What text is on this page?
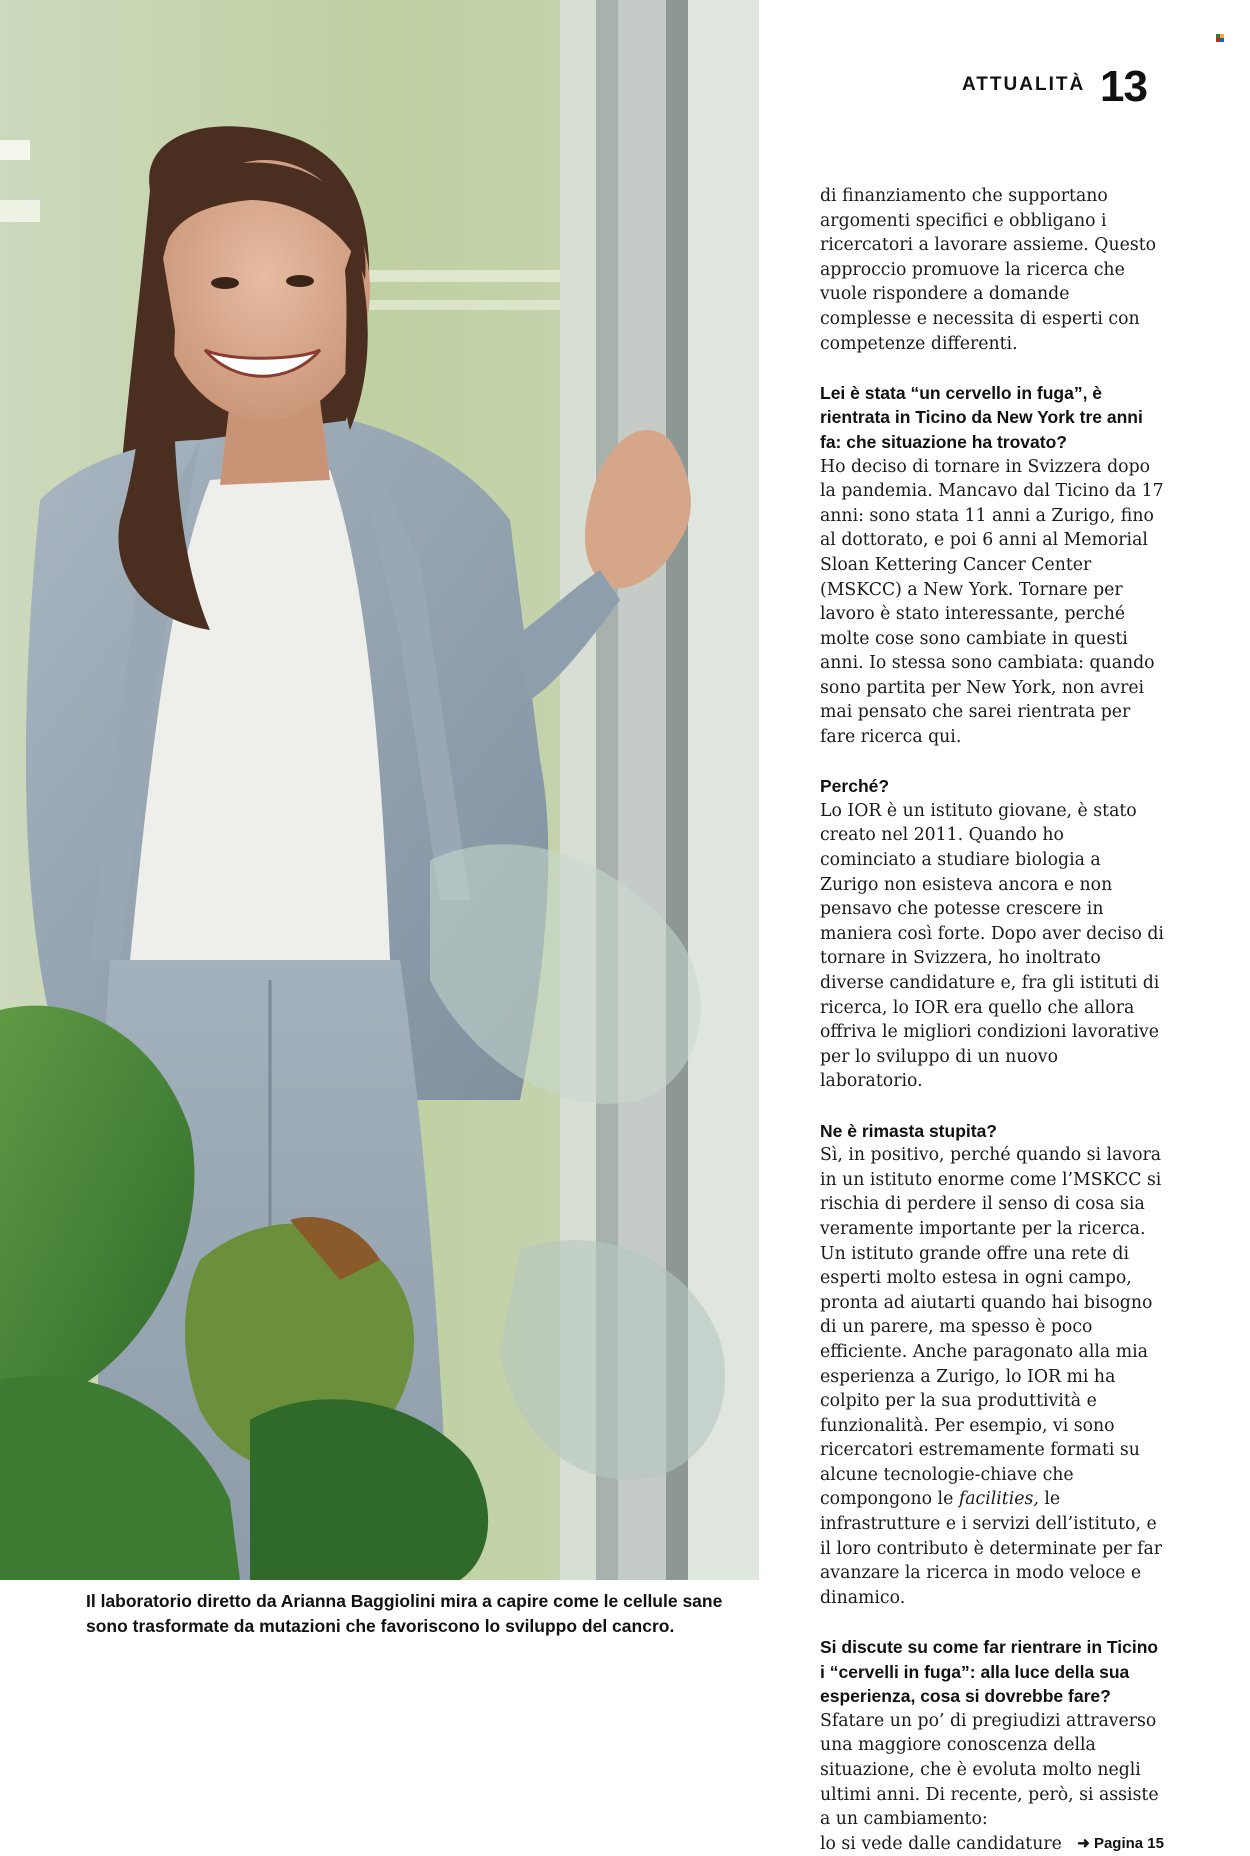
Il laboratorio diretto da Arianna Baggiolini mira a capire come le cellule sane

sono trasformate da mutazioni che favoriscono lo sviluppo del cancro.

ATTUALITÀ 13

di finanziamento che supportano argomenti specifici e obbligano i ricercatori a lavorare assieme. Questo approccio promuove la ricerca che vuole rispondere a domande complesse e necessita di esperti con competenze differenti.

Lei è stata “un cervello in fuga”, è rientrata in Ticino da New York tre anni fa: che situazione ha trovato?

Ho deciso di tornare in Svizzera dopo la pandemia. Mancavo dal Ticino da 17 anni: sono stata 11 anni a Zurigo, fino al dottorato, e poi 6 anni al Memorial Sloan Kettering Cancer Center (MSKCC) a New York. Tornare per lavoro è stato interessante, perché molte cose sono cambiate in questi anni. Io stessa sono cambiata: quando sono partita per New York, non avrei mai pensato che sarei rientrata per fare ricerca qui.

Perché?

Lo IOR è un istituto giovane, è stato creato nel 2011. Quando ho cominciato a studiare biologia a Zurigo non esisteva ancora e non pensavo che potesse crescere in maniera così forte. Dopo aver deciso di tornare in Svizzera, ho inoltrato diverse candidature e, fra gli istituti di ricerca, lo IOR era quello che allora offriva le migliori condizioni lavorative per lo sviluppo di un nuovo laboratorio.

Ne è rimasta stupita?

Sì, in positivo, perché quando si lavora in un istituto enorme come l’MSKCC si rischia di perdere il senso di cosa sia veramente importante per la ricerca. Un istituto grande offre una rete di esperti molto estesa in ogni campo, pronta ad aiutarti quando hai bisogno di un parere, ma spesso è poco efficiente. Anche paragonato alla mia esperienza a Zurigo, lo IOR mi ha colpito per la sua produttività e funzionalità. Per esempio, vi sono ricercatori estremamente formati su alcune tecnologie-chiave che compongono le facilities, le infrastrutture e i servizi dell’istituto, e il loro contributo è determinate per far avanzare la ricerca in modo veloce e dinamico.

Si discute su come far rientrare in Ticino i “cervelli in fuga”: alla luce della sua esperienza, cosa si dovrebbe fare?

Sfatare un po’ di pregiudizi attraverso una maggiore conoscenza della situazione, che è evoluta molto negli ultimi anni. Di recente, però, si assiste a un cambiamento:

lo si vede dalle candidature ➜ Pagina 15
